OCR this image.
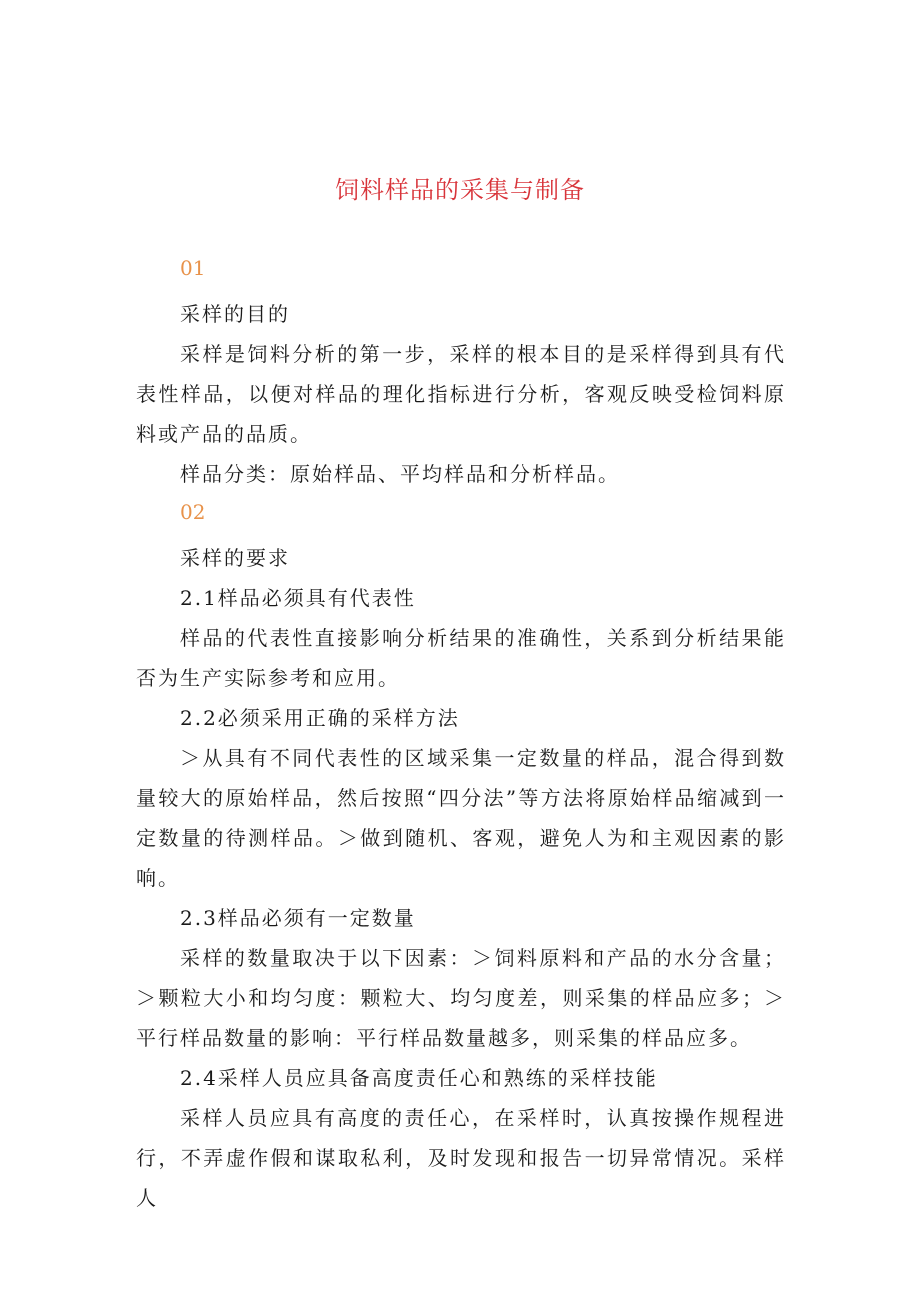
饲料样品的采集与制备
01

采样的目的

采样是饲料分析的第一步，采样的根本目的是采样得到具有代表性样品，以便对样品的理化指标进行分析，客观反映受检饲料原料或产品的品质。

样品分类：原始样品、平均样品和分析样品。

02

采样的要求

2.1样品必须具有代表性

样品的代表性直接影响分析结果的准确性，关系到分析结果能否为生产实际参考和应用。

2.2必须采用正确的采样方法

＞从具有不同代表性的区域采集一定数量的样品，混合得到数量较大的原始样品，然后按照“四分法”等方法将原始样品缩减到一定数量的待测样品。＞做到随机、客观，避免人为和主观因素的影响。

2.3样品必须有一定数量

采样的数量取决于以下因素：＞饲料原料和产品的水分含量；＞颗粒大小和均匀度：颗粒大、均匀度差，则采集的样品应多；＞平行样品数量的影响：平行样品数量越多，则采集的样品应多。

2.4采样人员应具备高度责任心和熟练的采样技能

采样人员应具有高度的责任心，在采样时，认真按操作规程进行，不弄虚作假和谋取私利，及时发现和报告一切异常情况。采样人
